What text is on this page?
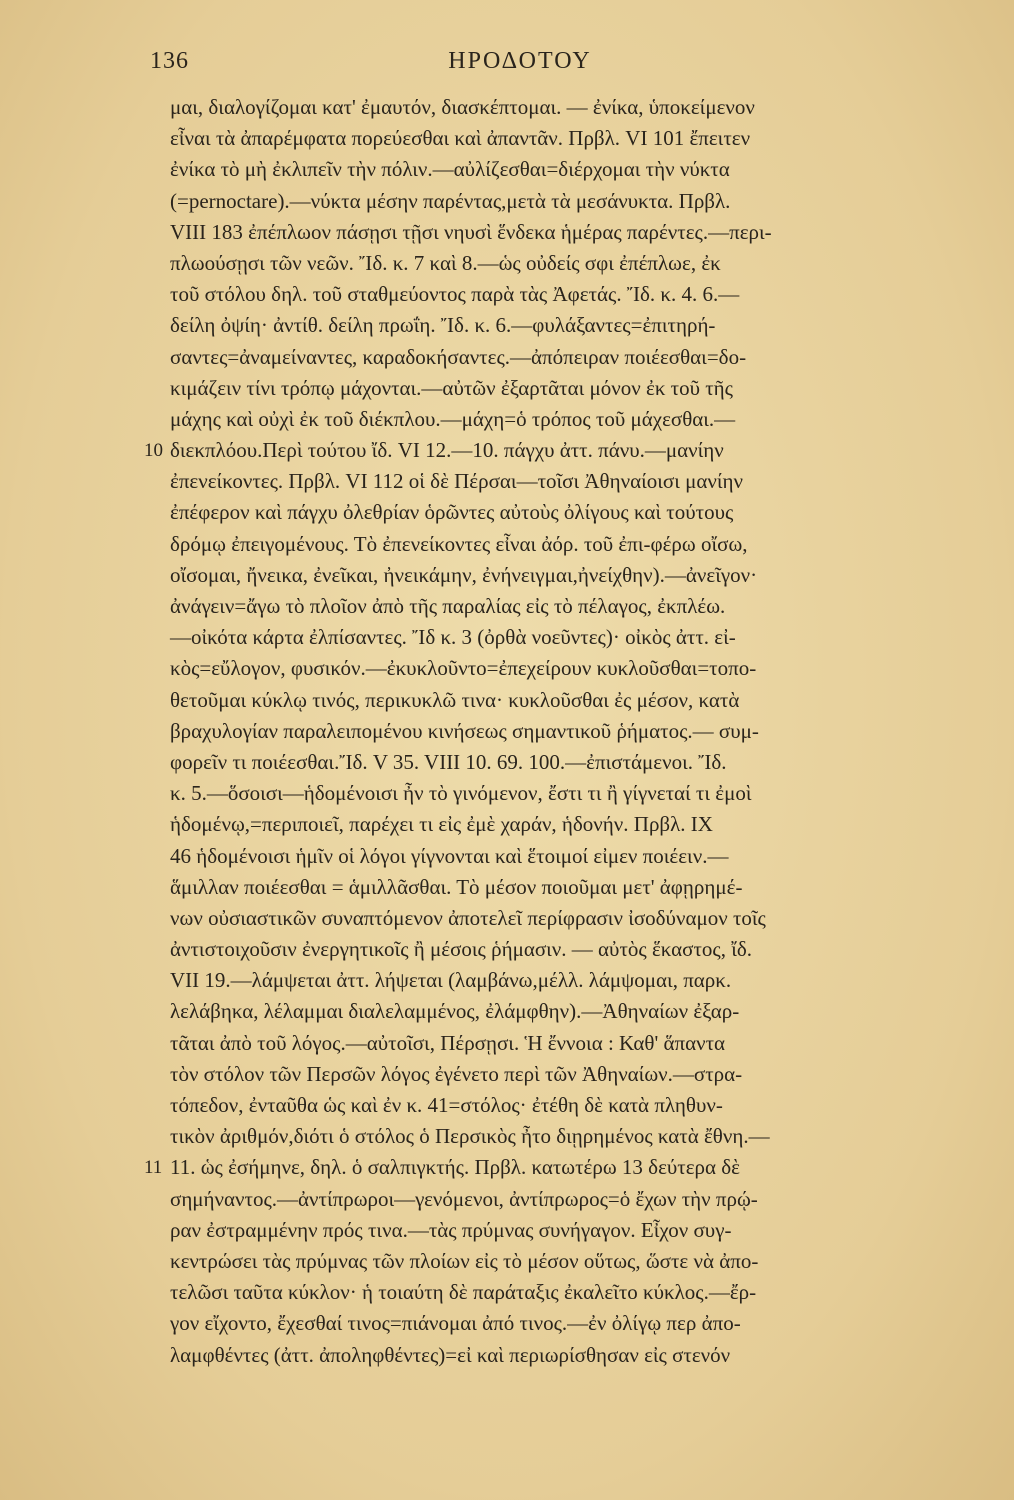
136	ΗΡΟΔΟΤΟΥ
μαι, διαλογίζομαι κατ' ἐμαυτόν, διασκέπτομαι. — ἐνίκα, ὑποκείμενον
εἶναι τὰ ἀπαρέμφατα πορεύεσθαι καὶ ἀπαντᾶν. Πρβλ. VI 101 ἔπειτεν
ἐνίκα τὸ μὴ ἐκλιπεῖν τὴν πόλιν.—αὐλίζεσθαι=διέρχομαι τὴν νύκτα
(=pernoctare).—νύκτα μέσην παρέντας,μετὰ τὰ μεσάνυκτα. Πρβλ.
VIII 183 ἐπέπλωον πάσῃσι τῇσι νηυσὶ ἕνδεκα ἡμέρας παρέντες.—περι-
πλωούσῃσι τῶν νεῶν. Ἴδ. κ. 7 καὶ 8.—ὡς οὐδείς σφι ἐπέπλωε, ἐκ
τοῦ στόλου δηλ. τοῦ σταθμεύοντος παρὰ τὰς Ἀφετάς. Ἴδ. κ. 4. 6.—
δείλη ὀψίη· ἀντίθ. δείλη πρωΐη. Ἴδ. κ. 6.—φυλάξαντες=ἐπιτηρή-
σαντες=ἀναμείναντες, καραδοκήσαντες.—ἀπόπειραν ποιέεσθαι=δο-
κιμάζειν τίνι τρόπῳ μάχονται.—αὐτῶν ἐξαρτᾶται μόνον ἐκ τοῦ τῆς
μάχης καὶ οὐχὶ ἐκ τοῦ διέκπλου.—μάχη=ὁ τρόπος τοῦ μάχεσθαι.—
10 διεκπλόου.Περὶ τούτου ἴδ. VI 12.—10. πάγχυ ἀττ. πάνυ.—μανίην
ἐπενείκοντες. Πρβλ. VI 112 οἱ δὲ Πέρσαι—τοῖσι Ἀθηναίοισι μανίην
ἐπέφερον καὶ πάγχυ ὀλεθρίαν ὁρῶντες αὐτοὺς ὀλίγους καὶ τούτους
δρόμῳ ἐπειγομένους. Τὸ ἐπενείκοντες εἶναι ἀόρ. τοῦ ἐπι-φέρω οἴσω,
οἴσομαι, ἤνεικα, ἐνεῖκαι, ἠνεικάμην, ἐνήνειγμαι,ἠνείχθην).—ἀνεῖγον·
ἀνάγειν=ἄγω τὸ πλοῖον ἀπὸ τῆς παραλίας εἰς τὸ πέλαγος, ἐκπλέω.
—οἰκότα κάρτα ἐλπίσαντες. Ἴδ κ. 3 (ὀρθὰ νοεῦντες)· οἰκὸς ἀττ. εἰ-
κὸς=εὔλογον, φυσικόν.—ἐκυκλοῦντο=ἐπεχείρουν κυκλοῦσθαι=τοπο-
θετοῦμαι κύκλῳ τινός, περικυκλῶ τινα· κυκλοῦσθαι ἐς μέσον, κατὰ
βραχυλογίαν παραλειπομένου κινήσεως σημαντικοῦ ῥήματος.— συμ-
φορεῖν τι ποιέεσθαι.Ἴδ. V 35. VIII 10. 69. 100.—ἐπιστάμενοι. Ἴδ.
κ. 5.—ὅσοισι—ἡδομένοισι ἦν τὸ γινόμενον, ἔστι τι ἢ γίγνεταί τι ἐμοὶ
ἡδομένῳ,=περιποιεῖ, παρέχει τι εἰς ἐμὲ χαράν, ἡδονήν. Πρβλ. IX
46 ἡδομένοισι ἡμῖν οἱ λόγοι γίγνονται καὶ ἕτοιμοί εἰμεν ποιέειν.—
ἅμιλλαν ποιέεσθαι = ἁμιλλᾶσθαι. Τὸ μέσον ποιοῦμαι μετ' ἀφῃρημέ-
νων οὐσιαστικῶν συναπτόμενον ἀποτελεῖ περίφρασιν ἰσοδύναμον τοῖς
ἀντιστοιχοῦσιν ἐνεργητικοῖς ἢ μέσοις ῥήμασιν. — αὐτὸς ἕκαστος, ἴδ.
VII 19.—λάμψεται ἀττ. λήψεται (λαμβάνω,μέλλ. λάμψομαι, παρκ.
λελάβηκα, λέλαμμαι διαλελαμμένος, ἐλάμφθην).—Ἀθηναίων ἐξαρ-
τᾶται ἀπὸ τοῦ λόγος.—αὐτοῖσι, Πέρσῃσι. Ἡ ἔννοια : Καθ' ἅπαντα
τὸν στόλον τῶν Περσῶν λόγος ἐγένετο περὶ τῶν Ἀθηναίων.—στρα-
τόπεδον, ἐνταῦθα ὡς καὶ ἐν κ. 41=στόλος· ἐτέθη δὲ κατὰ πληθυν-
τικὸν ἀριθμόν,διότι ὁ στόλος ὁ Περσικὸς ἦτο διῃρημένος κατὰ ἔθνη.—
11 11. ὡς ἐσήμηνε, δηλ. ὁ σαλπιγκτής. Πρβλ. κατωτέρω 13 δεύτερα δὲ
σημήναντος.—ἀντίπρωροι—γενόμενοι, ἀντίπρωρος=ὁ ἔχων τὴν πρῴ-
ραν ἐστραμμένην πρός τινα.—τὰς πρύμνας συνήγαγον. Εἶχον συγ-
κεντρώσει τὰς πρύμνας τῶν πλοίων εἰς τὸ μέσον οὕτως, ὥστε νὰ ἀπο-
τελῶσι ταῦτα κύκλον· ἡ τοιαύτη δὲ παράταξις ἐκαλεῖτο κύκλος.—ἔρ-
γον εἴχοντο, ἔχεσθαί τινος=πιάνομαι ἀπό τινος.—ἐν ὀλίγῳ περ ἀπο-
λαμφθέντες (ἀττ. ἀποληφθέντες)=εἰ καὶ περιωρίσθησαν εἰς στενόν
